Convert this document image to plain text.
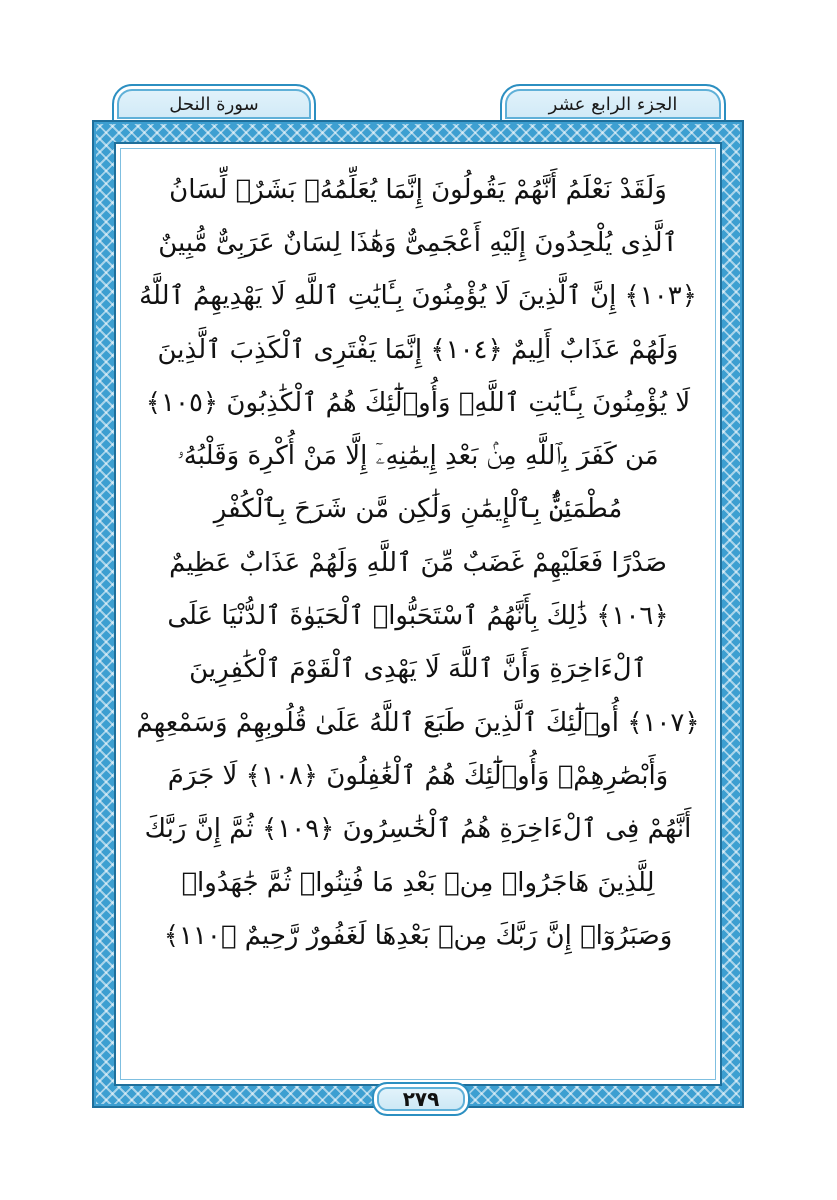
سورة النحل	الجزء الرابع عشر
وَلَقَدْ نَعْلَمُ أَنَّهُمْ يَقُولُونَ إِنَّمَا يُعَلِّمُهُۥ بَشَرٌۗ لِّسَانُ
ٱلَّذِى يُلْحِدُونَ إِلَيْهِ أَعْجَمِىٌّ وَهَٰذَا لِسَانٌ عَرَبِىٌّ مُّبِينٌ
﴿١٠٣﴾ إِنَّ ٱلَّذِينَ لَا يُؤْمِنُونَ بِـَٔايَٰتِ ٱللَّهِ لَا يَهْدِيهِمُ ٱللَّهُ
وَلَهُمْ عَذَابٌ أَلِيمٌ ﴿١٠٤﴾ إِنَّمَا يَفْتَرِى ٱلْكَذِبَ ٱلَّذِينَ
لَا يُؤْمِنُونَ بِـَٔايَٰتِ ٱللَّهِۖ وَأُو۟لَٰٓئِكَ هُمُ ٱلْكَٰذِبُونَ ﴿١٠٥﴾
مَن كَفَرَ بِٱللَّهِ مِنۢ بَعْدِ إِيمَٰنِهِۦٓ إِلَّا مَنْ أُكْرِهَ وَقَلْبُهُۥ
مُطْمَئِنٌّۢ بِٱلْإِيمَٰنِ وَلَٰكِن مَّن شَرَحَ بِٱلْكُفْرِ
صَدْرًا فَعَلَيْهِمْ غَضَبٌ مِّنَ ٱللَّهِ وَلَهُمْ عَذَابٌ عَظِيمٌ
﴿١٠٦﴾ ذَٰلِكَ بِأَنَّهُمُ ٱسْتَحَبُّوا۟ ٱلْحَيَوٰةَ ٱلدُّنْيَا عَلَى
ٱلْءَاخِرَةِ وَأَنَّ ٱللَّهَ لَا يَهْدِى ٱلْقَوْمَ ٱلْكَٰفِرِينَ
﴿١٠٧﴾ أُو۟لَٰٓئِكَ ٱلَّذِينَ طَبَعَ ٱللَّهُ عَلَىٰ قُلُوبِهِمْ وَسَمْعِهِمْ
وَأَبْصَٰرِهِمْۖ وَأُو۟لَٰٓئِكَ هُمُ ٱلْغَٰفِلُونَ ﴿١٠٨﴾ لَا جَرَمَ
أَنَّهُمْ فِى ٱلْءَاخِرَةِ هُمُ ٱلْخَٰسِرُونَ ﴿١٠٩﴾ ثُمَّ إِنَّ رَبَّكَ
لِلَّذِينَ هَاجَرُوا۟ مِنۢ بَعْدِ مَا فُتِنُوا۟ ثُمَّ جَٰهَدُوا۟
وَصَبَرُوٓا۟ إِنَّ رَبَّكَ مِنۢ بَعْدِهَا لَغَفُورٌ رَّحِيمٌ ﴿١١٠﴾
٢٧٩
